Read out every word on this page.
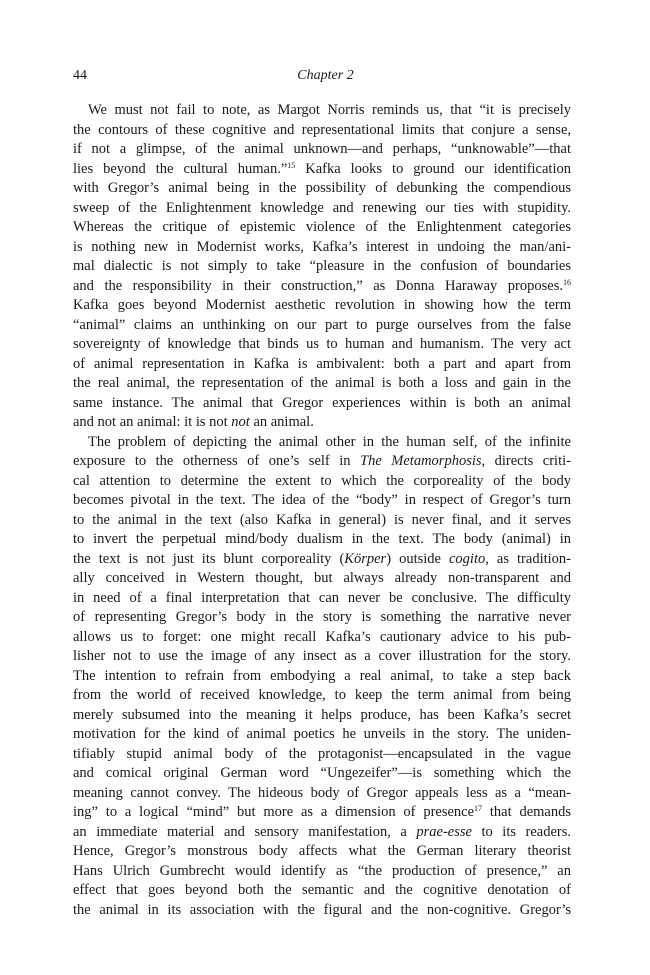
44	Chapter 2
We must not fail to note, as Margot Norris reminds us, that “it is precisely
the contours of these cognitive and representational limits that conjure a sense,
if not a glimpse, of the animal unknown—and perhaps, “unknowable”—that
lies beyond the cultural human.”$^{15}$ Kafka looks to ground our identification
with Gregor’s animal being in the possibility of debunking the compendious
sweep of the Enlightenment knowledge and renewing our ties with stupidity.
Whereas the critique of epistemic violence of the Enlightenment categories
is nothing new in Modernist works, Kafka’s interest in undoing the man/ani-
mal dialectic is not simply to take “pleasure in the confusion of boundaries
and the responsibility in their construction,” as Donna Haraway proposes.$^{16}$
Kafka goes beyond Modernist aesthetic revolution in showing how the term
“animal” claims an unthinking on our part to purge ourselves from the false
sovereignty of knowledge that binds us to human and humanism. The very act
of animal representation in Kafka is ambivalent: both a part and apart from
the real animal, the representation of the animal is both a loss and gain in the
same instance. The animal that Gregor experiences within is both an animal
and not an animal: it is not not an animal.
The problem of depicting the animal other in the human self, of the infinite
exposure to the otherness of one’s self in The Metamorphosis, directs criti-
cal attention to determine the extent to which the corporeality of the body
becomes pivotal in the text. The idea of the “body” in respect of Gregor’s turn
to the animal in the text (also Kafka in general) is never final, and it serves
to invert the perpetual mind/body dualism in the text. The body (animal) in
the text is not just its blunt corporeality (Körper) outside cogito, as tradition-
ally conceived in Western thought, but always already non-transparent and
in need of a final interpretation that can never be conclusive. The difficulty
of representing Gregor’s body in the story is something the narrative never
allows us to forget: one might recall Kafka’s cautionary advice to his pub-
lisher not to use the image of any insect as a cover illustration for the story.
The intention to refrain from embodying a real animal, to take a step back
from the world of received knowledge, to keep the term animal from being
merely subsumed into the meaning it helps produce, has been Kafka’s secret
motivation for the kind of animal poetics he unveils in the story. The uniden-
tifiably stupid animal body of the protagonist—encapsulated in the vague
and comical original German word “Ungezeifer”—is something which the
meaning cannot convey. The hideous body of Gregor appeals less as a “mean-
ing” to a logical “mind” but more as a dimension of presence$^{17}$ that demands
an immediate material and sensory manifestation, a prae-esse to its readers.
Hence, Gregor’s monstrous body affects what the German literary theorist
Hans Ulrich Gumbrecht would identify as “the production of presence,” an
effect that goes beyond both the semantic and the cognitive denotation of
the animal in its association with the figural and the non-cognitive. Gregor’s
